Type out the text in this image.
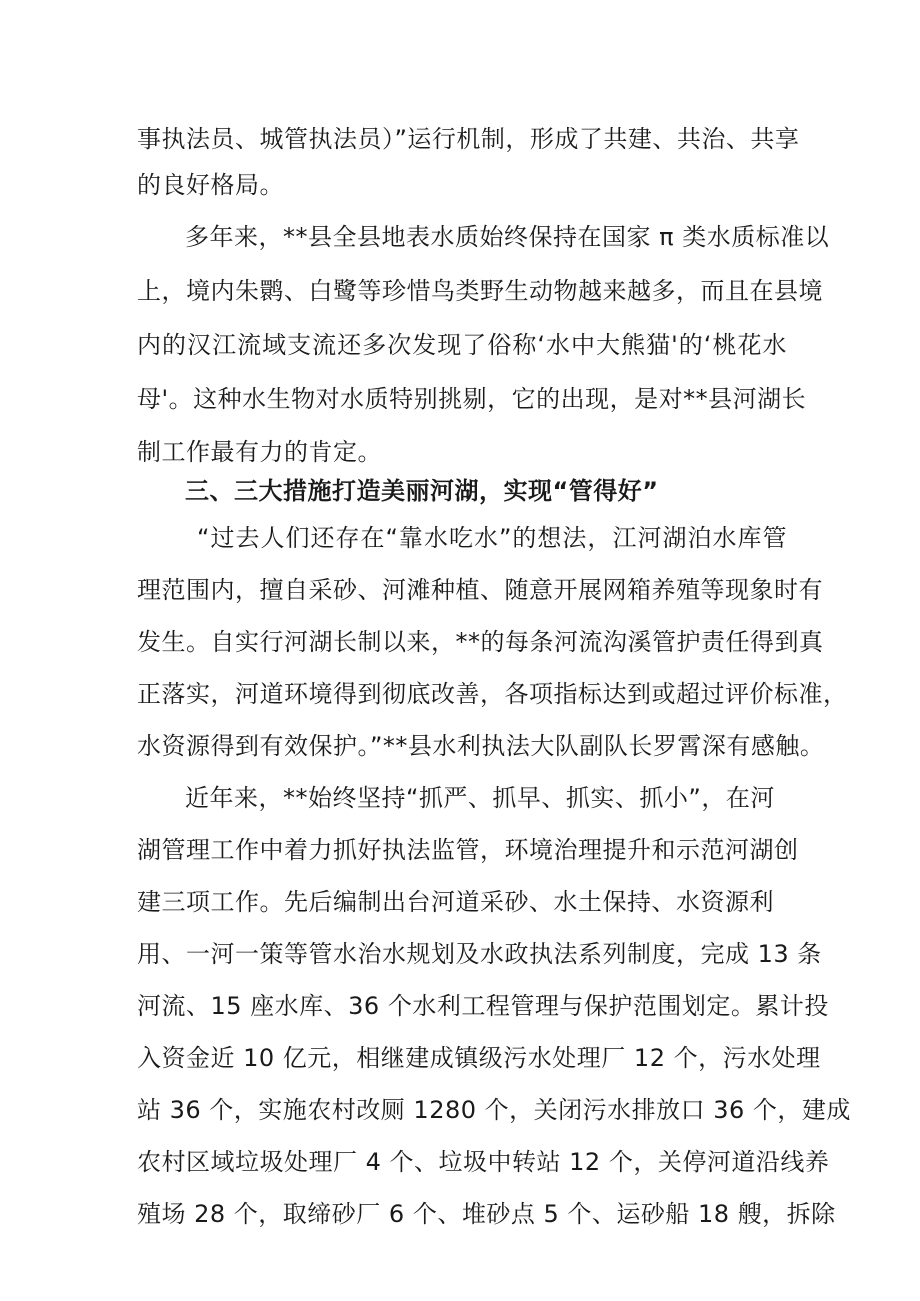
事执法员、城管执法员）”运行机制，形成了共建、共治、共享
的良好格局。
多年来，**县全县地表水质始终保持在国家 π 类水质标准以
上，境内朱鹮、白鹭等珍惜鸟类野生动物越来越多，而且在县境
内的汉江流域支流还多次发现了俗称‘水中大熊猫'的‘桃花水
母'。这种水生物对水质特别挑剔，它的出现，是对**县河湖长
制工作最有力的肯定。
三、三大措施打造美丽河湖，实现“管得好”
“过去人们还存在“靠水吃水”的想法，江河湖泊水库管
理范围内，擅自采砂、河滩种植、随意开展网箱养殖等现象时有
发生。自实行河湖长制以来，**的每条河流沟溪管护责任得到真
正落实，河道环境得到彻底改善，各项指标达到或超过评价标准，
水资源得到有效保护。”**县水利执法大队副队长罗霄深有感触。
近年来，**始终坚持“抓严、抓早、抓实、抓小”，在河
湖管理工作中着力抓好执法监管，环境治理提升和示范河湖创
建三项工作。先后编制出台河道采砂、水土保持、水资源利
用、一河一策等管水治水规划及水政执法系列制度，完成 13 条
河流、15 座水库、36 个水利工程管理与保护范围划定。累计投
入资金近 10 亿元，相继建成镇级污水处理厂 12 个，污水处理
站 36 个，实施农村改厕 1280 个，关闭污水排放口 36 个，建成
农村区域垃圾处理厂 4 个、垃圾中转站 12 个，关停河道沿线养
殖场 28 个，取缔砂厂 6 个、堆砂点 5 个、运砂船 18 艘，拆除
